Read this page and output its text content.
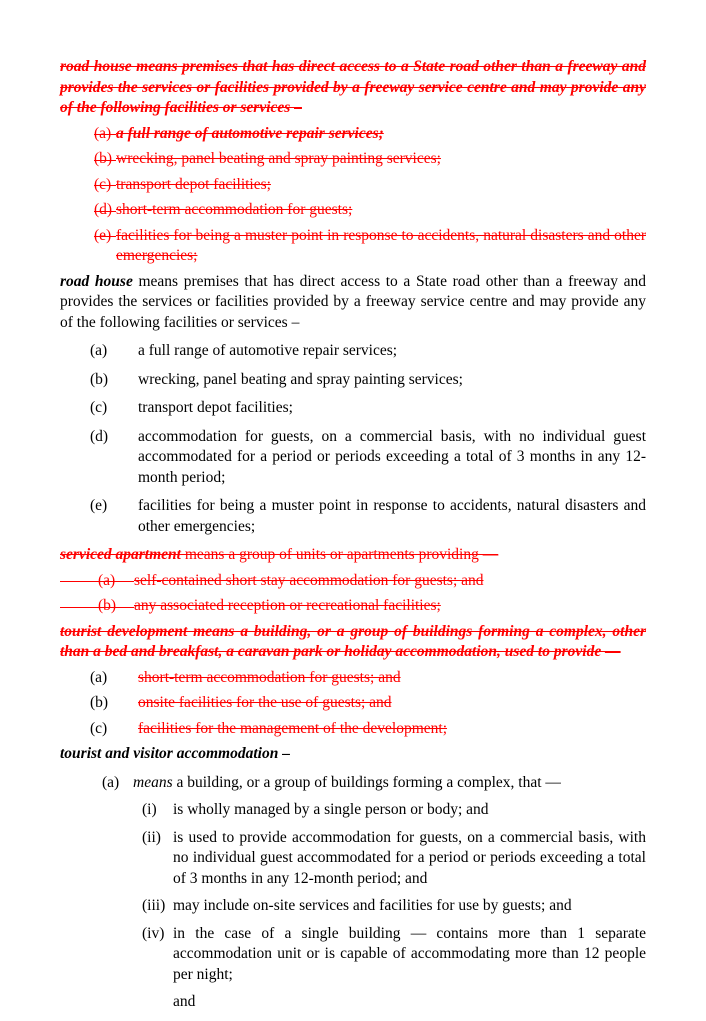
road house means premises that has direct access to a State road other than a freeway and provides the services or facilities provided by a freeway service centre and may provide any of the following facilities or services –

(a) a full range of automotive repair services;
(b) wrecking, panel beating and spray painting services;
(c) transport depot facilities;
(d) short-term accommodation for guests;
(e) facilities for being a muster point in response to accidents, natural disasters and other emergencies;

road house means premises that has direct access to a State road other than a freeway and provides the services or facilities provided by a freeway service centre and may provide any of the following facilities or services –

(a)	a full range of automotive repair services;
(b)	wrecking, panel beating and spray painting services;
(c)	transport depot facilities;
(d)	accommodation for guests, on a commercial basis, with no individual guest accommodated for a period or periods exceeding a total of 3 months in any 12-month period;
(e)	facilities for being a muster point in response to accidents, natural disasters and other emergencies;

serviced apartment means a group of units or apartments providing —

(a)	self-contained short stay accommodation for guests; and
(b)	any associated reception or recreational facilities;

tourist development means a building, or a group of buildings forming a complex, other than a bed and breakfast, a caravan park or holiday accommodation, used to provide —

(a)	short-term accommodation for guests; and
(b)	onsite facilities for the use of guests; and
(c)	facilities for the management of the development;

tourist and visitor accommodation –

(a) means a building, or a group of buildings forming a complex, that —
(i)	is wholly managed by a single person or body; and
(ii) is used to provide accommodation for guests, on a commercial basis, with no individual guest accommodated for a period or periods exceeding a total of 3 months in any 12-month period; and
(iii) may include on-site services and facilities for use by guests; and
(iv) in the case of a single building — contains more than 1 separate accommodation unit or is capable of accommodating more than 12 people per night;
and
